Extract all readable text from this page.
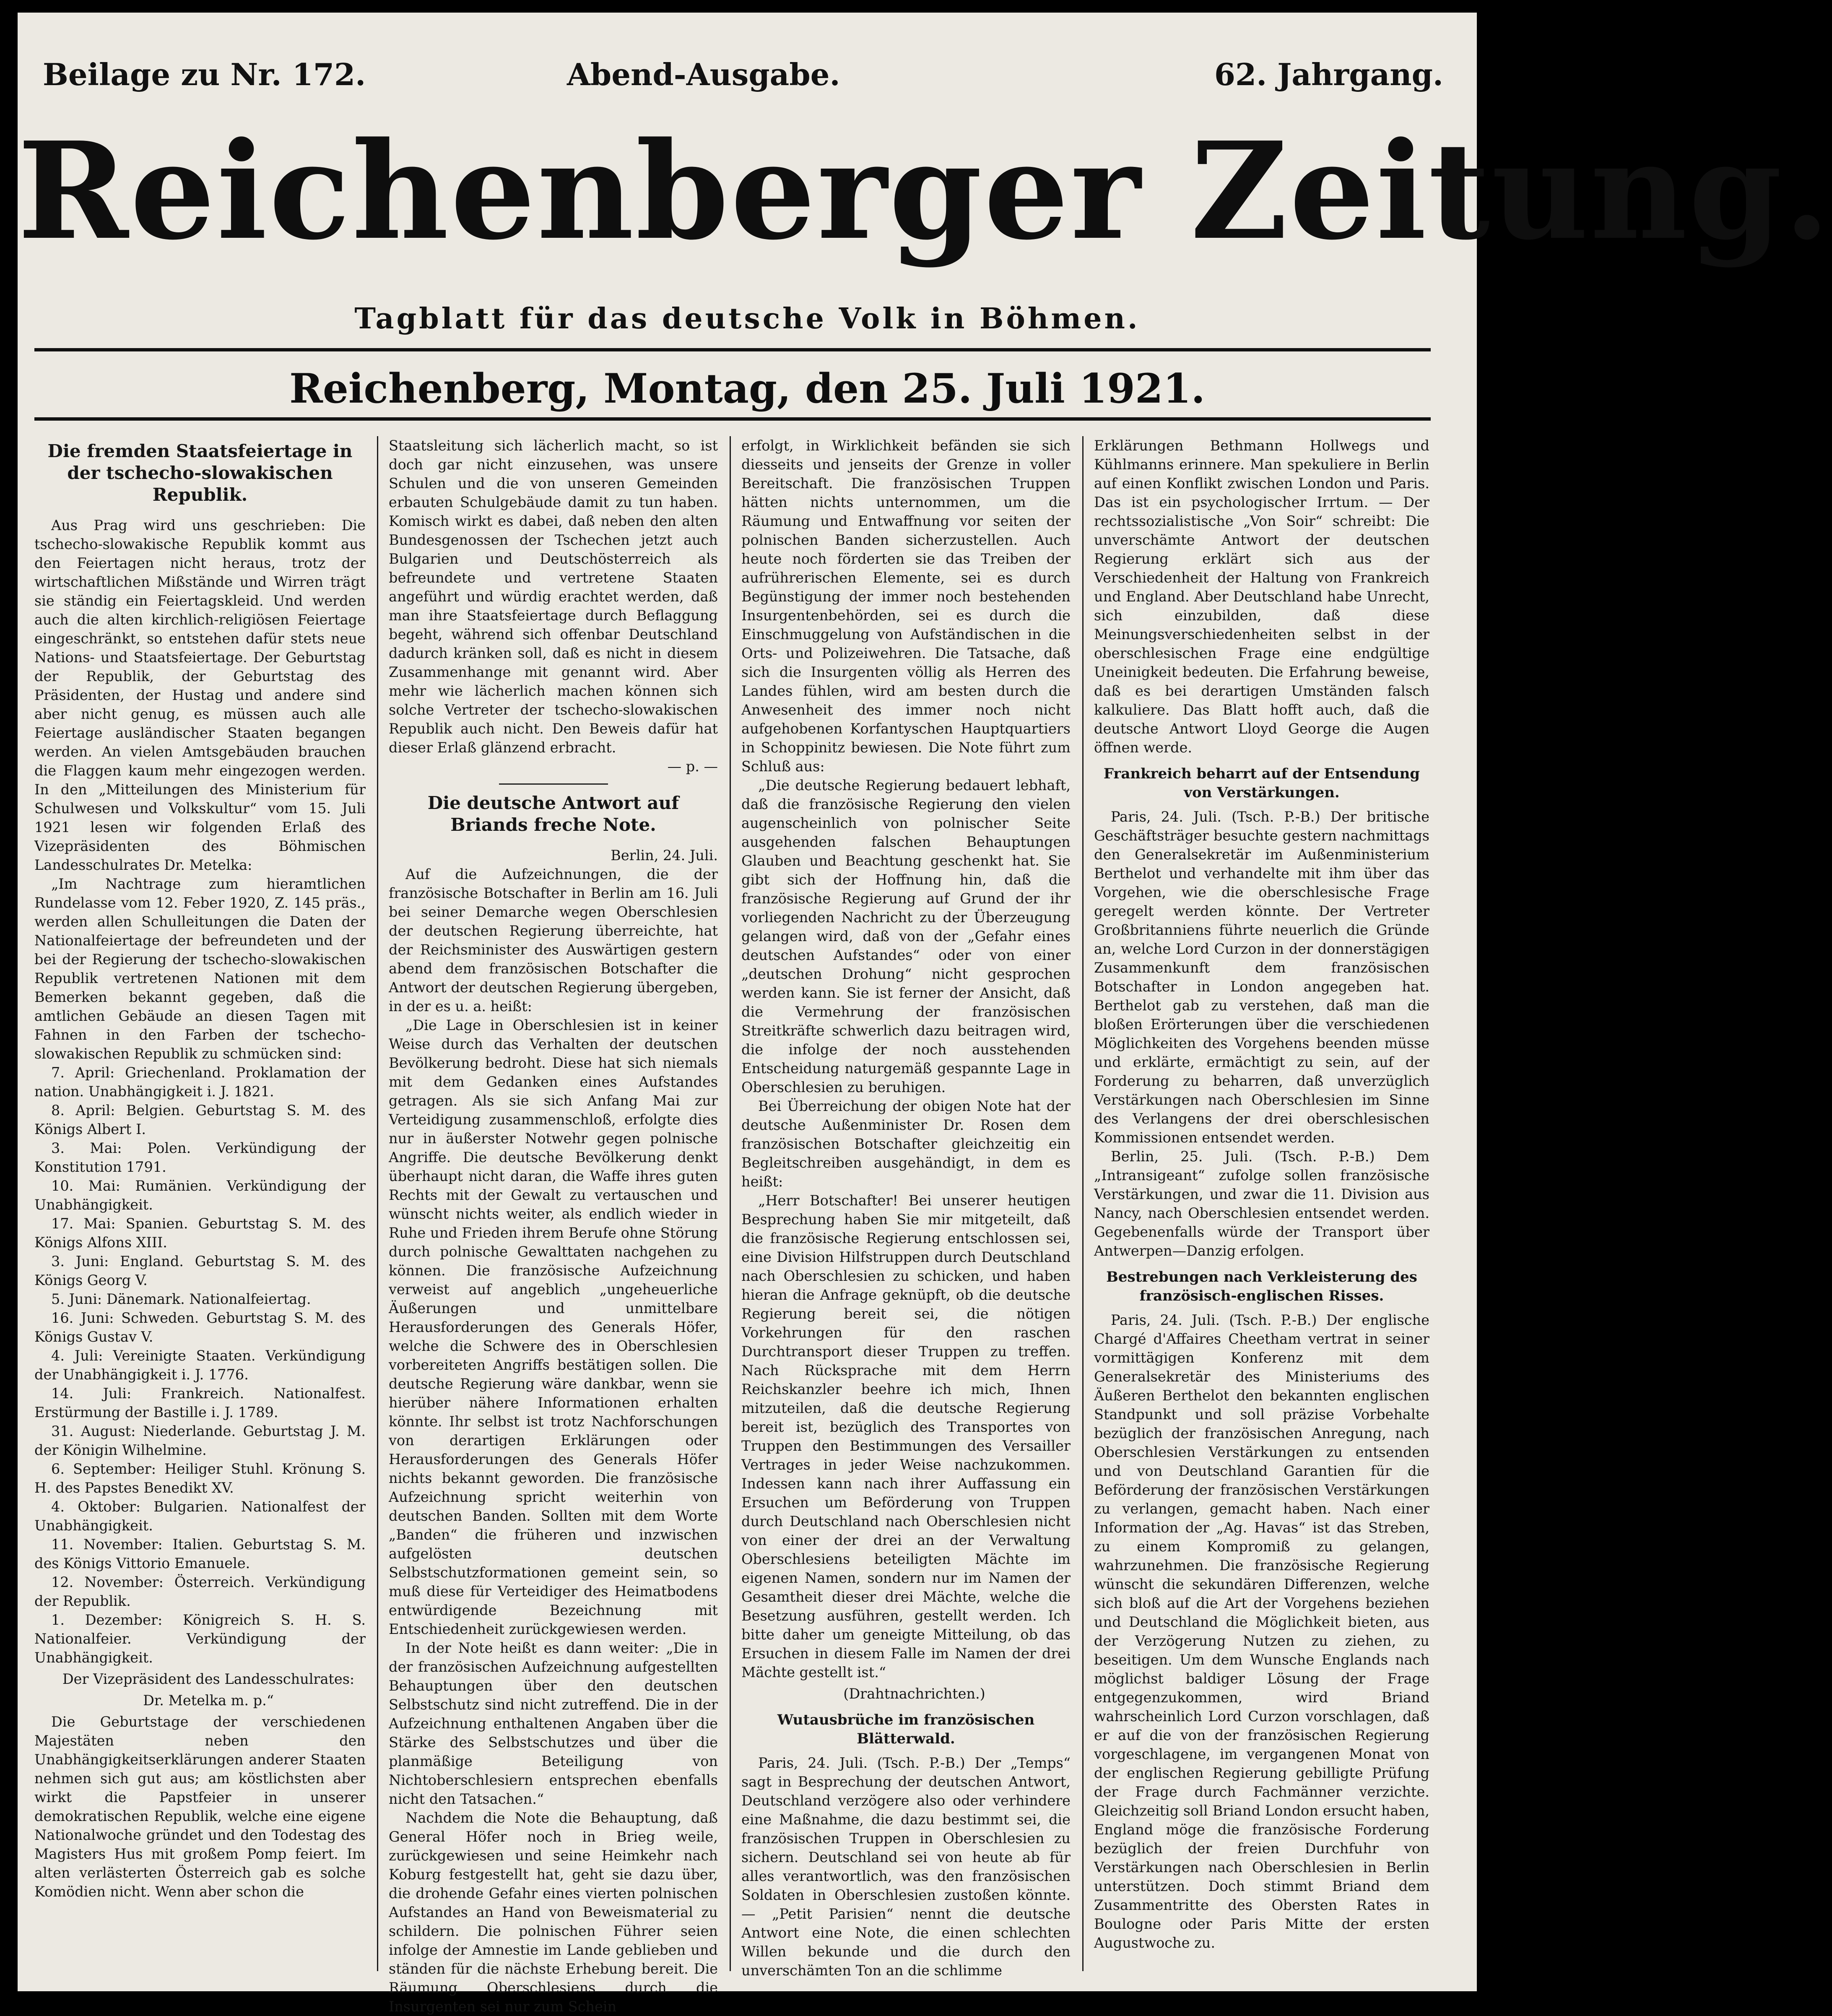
Beilage zu Nr. 172.	Abend-Ausgabe.	62. Jahrgang.
Reichenberger Zeitung.
Tagblatt für das deutsche Volk in Böhmen.
Reichenberg, Montag, den 25. Juli 1921.
Die fremden Staatsfeiertage in der tschecho-slowakischen Republik.

Aus Prag wird uns geschrieben: Die tschecho-slowakische Republik kommt aus den Feiertagen nicht heraus, trotz der wirtschaftlichen Mißstände und Wirren trägt sie ständig ein Feiertagskleid. Und werden auch die alten kirchlich-religiösen Feiertage eingeschränkt, so entstehen dafür stets neue Nations- und Staatsfeiertage. Der Geburtstag der Republik, der Geburtstag des Präsidenten, der Hustag und andere sind aber nicht genug, es müssen auch alle Feiertage ausländischer Staaten begangen werden. An vielen Amtsgebäuden brauchen die Flaggen kaum mehr eingezogen werden. In den „Mitteilungen des Ministerium für Schulwesen und Volkskultur“ vom 15. Juli 1921 lesen wir folgenden Erlaß des Vizepräsidenten des Böhmischen Landesschulrates Dr. Metelka:

„Im Nachtrage zum hieramtlichen Rundelasse vom 12. Feber 1920, Z. 145 präs., werden allen Schulleitungen die Daten der Nationalfeiertage der befreundeten und der bei der Regierung der tschecho-slowakischen Republik vertretenen Nationen mit dem Bemerken bekannt gegeben, daß die amtlichen Gebäude an diesen Tagen mit Fahnen in den Farben der tschecho-slowakischen Republik zu schmücken sind:

7. April: Griechenland. Proklamation der nation. Unabhängigkeit i. J. 1821.

8. April: Belgien. Geburtstag S. M. des Königs Albert I.

3. Mai: Polen. Verkündigung der Konstitution 1791.

10. Mai: Rumänien. Verkündigung der Unabhängigkeit.

17. Mai: Spanien. Geburtstag S. M. des Königs Alfons XIII.

3. Juni: England. Geburtstag S. M. des Königs Georg V.

5. Juni: Dänemark. Nationalfeiertag.

16. Juni: Schweden. Geburtstag S. M. des Königs Gustav V.

4. Juli: Vereinigte Staaten. Verkündigung der Unabhängigkeit i. J. 1776.

14. Juli: Frankreich. Nationalfest. Erstürmung der Bastille i. J. 1789.

31. August: Niederlande. Geburtstag J. M. der Königin Wilhelmine.

6. September: Heiliger Stuhl. Krönung S. H. des Papstes Benedikt XV.

4. Oktober: Bulgarien. Nationalfest der Unabhängigkeit.

11. November: Italien. Geburtstag S. M. des Königs Vittorio Emanuele.

12. November: Österreich. Verkündigung der Republik.

1. Dezember: Königreich S. H. S. Nationalfeier. Verkündigung der Unabhängigkeit.

Der Vizepräsident des Landesschulrates:

Dr. Metelka m. p.“

Die Geburtstage der verschiedenen Majestäten neben den Unabhängigkeitserklärungen anderer Staaten nehmen sich gut aus; am köstlichsten aber wirkt die Papstfeier in unserer demokratischen Republik, welche eine eigene Nationalwoche gründet und den Todestag des Magisters Hus mit großem Pomp feiert. Im alten verlästerten Österreich gab es solche Komödien nicht. Wenn aber schon die

Staatsleitung sich lächerlich macht, so ist doch gar nicht einzusehen, was unsere Schulen und die von unseren Gemeinden erbauten Schulgebäude damit zu tun haben. Komisch wirkt es dabei, daß neben den alten Bundesgenossen der Tschechen jetzt auch Bulgarien und Deutschösterreich als befreundete und vertretene Staaten angeführt und würdig erachtet werden, daß man ihre Staatsfeiertage durch Beflaggung begeht, während sich offenbar Deutschland dadurch kränken soll, daß es nicht in diesem Zusammenhange mit genannt wird. Aber mehr wie lächerlich machen können sich solche Vertreter der tschecho-slowakischen Republik auch nicht. Den Beweis dafür hat dieser Erlaß glänzend erbracht.

— p. —

Die deutsche Antwort auf Briands freche Note.

Berlin, 24. Juli.

Auf die Aufzeichnungen, die der französische Botschafter in Berlin am 16. Juli bei seiner Demarche wegen Oberschlesien der deutschen Regierung überreichte, hat der Reichsminister des Auswärtigen gestern abend dem französischen Botschafter die Antwort der deutschen Regierung übergeben, in der es u. a. heißt:

„Die Lage in Oberschlesien ist in keiner Weise durch das Verhalten der deutschen Bevölkerung bedroht. Diese hat sich niemals mit dem Gedanken eines Aufstandes getragen. Als sie sich Anfang Mai zur Verteidigung zusammenschloß, erfolgte dies nur in äußerster Notwehr gegen polnische Angriffe. Die deutsche Bevölkerung denkt überhaupt nicht daran, die Waffe ihres guten Rechts mit der Gewalt zu vertauschen und wünscht nichts weiter, als endlich wieder in Ruhe und Frieden ihrem Berufe ohne Störung durch polnische Gewalttaten nachgehen zu können. Die französische Aufzeichnung verweist auf angeblich „ungeheuerliche Äußerungen und unmittelbare Herausforderungen des Generals Höfer, welche die Schwere des in Oberschlesien vorbereiteten Angriffs bestätigen sollen. Die deutsche Regierung wäre dankbar, wenn sie hierüber nähere Informationen erhalten könnte. Ihr selbst ist trotz Nachforschungen von derartigen Erklärungen oder Herausforderungen des Generals Höfer nichts bekannt geworden. Die französische Aufzeichnung spricht weiterhin von deutschen Banden. Sollten mit dem Worte „Banden“ die früheren und inzwischen aufgelösten deutschen Selbstschutzformationen gemeint sein, so muß diese für Verteidiger des Heimatbodens entwürdigende Bezeichnung mit Entschiedenheit zurückgewiesen werden.

In der Note heißt es dann weiter: „Die in der französischen Aufzeichnung aufgestellten Behauptungen über den deutschen Selbstschutz sind nicht zutreffend. Die in der Aufzeichnung enthaltenen Angaben über die Stärke des Selbstschutzes und über die planmäßige Beteiligung von Nichtoberschlesiern entsprechen ebenfalls nicht den Tatsachen.“

Nachdem die Note die Behauptung, daß General Höfer noch in Brieg weile, zurückgewiesen und seine Heimkehr nach Koburg festgestellt hat, geht sie dazu über, die drohende Gefahr eines vierten polnischen Aufstandes an Hand von Beweismaterial zu schildern. Die polnischen Führer seien infolge der Amnestie im Lande geblieben und ständen für die nächste Erhebung bereit. Die Räumung Oberschlesiens durch die Insurgenten sei nur zum Schein

erfolgt, in Wirklichkeit befänden sie sich diesseits und jenseits der Grenze in voller Bereitschaft. Die französischen Truppen hätten nichts unternommen, um die Räumung und Entwaffnung vor seiten der polnischen Banden sicherzustellen. Auch heute noch förderten sie das Treiben der aufrührerischen Elemente, sei es durch Begünstigung der immer noch bestehenden Insurgentenbehörden, sei es durch die Einschmuggelung von Aufständischen in die Orts- und Polizeiwehren. Die Tatsache, daß sich die Insurgenten völlig als Herren des Landes fühlen, wird am besten durch die Anwesenheit des immer noch nicht aufgehobenen Korfantyschen Hauptquartiers in Schoppinitz bewiesen. Die Note führt zum Schluß aus:

„Die deutsche Regierung bedauert lebhaft, daß die französische Regierung den vielen augenscheinlich von polnischer Seite ausgehenden falschen Behauptungen Glauben und Beachtung geschenkt hat. Sie gibt sich der Hoffnung hin, daß die französische Regierung auf Grund der ihr vorliegenden Nachricht zu der Überzeugung gelangen wird, daß von der „Gefahr eines deutschen Aufstandes“ oder von einer „deutschen Drohung“ nicht gesprochen werden kann. Sie ist ferner der Ansicht, daß die Vermehrung der französischen Streitkräfte schwerlich dazu beitragen wird, die infolge der noch ausstehenden Entscheidung naturgemäß gespannte Lage in Oberschlesien zu beruhigen.

Bei Überreichung der obigen Note hat der deutsche Außenminister Dr. Rosen dem französischen Botschafter gleichzeitig ein Begleitschreiben ausgehändigt, in dem es heißt:

„Herr Botschafter! Bei unserer heutigen Besprechung haben Sie mir mitgeteilt, daß die französische Regierung entschlossen sei, eine Division Hilfstruppen durch Deutschland nach Oberschlesien zu schicken, und haben hieran die Anfrage geknüpft, ob die deutsche Regierung bereit sei, die nötigen Vorkehrungen für den raschen Durchtransport dieser Truppen zu treffen. Nach Rücksprache mit dem Herrn Reichskanzler beehre ich mich, Ihnen mitzuteilen, daß die deutsche Regierung bereit ist, bezüglich des Transportes von Truppen den Bestimmungen des Versailler Vertrages in jeder Weise nachzukommen. Indessen kann nach ihrer Auffassung ein Ersuchen um Beförderung von Truppen durch Deutschland nach Oberschlesien nicht von einer der drei an der Verwaltung Oberschlesiens beteiligten Mächte im eigenen Namen, sondern nur im Namen der Gesamtheit dieser drei Mächte, welche die Besetzung ausführen, gestellt werden. Ich bitte daher um geneigte Mitteilung, ob das Ersuchen in diesem Falle im Namen der drei Mächte gestellt ist.“

(Drahtnachrichten.)

Wutausbrüche im französischen Blätterwald.

Paris, 24. Juli. (Tsch. P.-B.) Der „Temps“ sagt in Besprechung der deutschen Antwort, Deutschland verzögere also oder verhindere eine Maßnahme, die dazu bestimmt sei, die französischen Truppen in Oberschlesien zu sichern. Deutschland sei von heute ab für alles verantwortlich, was den französischen Soldaten in Oberschlesien zustoßen könnte. — „Petit Parisien“ nennt die deutsche Antwort eine Note, die einen schlechten Willen bekunde und die durch den unverschämten Ton an die schlimme

Erklärungen Bethmann Hollwegs und Kühlmanns erinnere. Man spekuliere in Berlin auf einen Konflikt zwischen London und Paris. Das ist ein psychologischer Irrtum. — Der rechtssozialistische „Von Soir“ schreibt: Die unverschämte Antwort der deutschen Regierung erklärt sich aus der Verschiedenheit der Haltung von Frankreich und England. Aber Deutschland habe Unrecht, sich einzubilden, daß diese Meinungsverschiedenheiten selbst in der oberschlesischen Frage eine endgültige Uneinigkeit bedeuten. Die Erfahrung beweise, daß es bei derartigen Umständen falsch kalkuliere. Das Blatt hofft auch, daß die deutsche Antwort Lloyd George die Augen öffnen werde.

Frankreich beharrt auf der Entsendung von Verstärkungen.

Paris, 24. Juli. (Tsch. P.-B.) Der britische Geschäftsträger besuchte gestern nachmittags den Generalsekretär im Außenministerium Berthelot und verhandelte mit ihm über das Vorgehen, wie die oberschlesische Frage geregelt werden könnte. Der Vertreter Großbritanniens führte neuerlich die Gründe an, welche Lord Curzon in der donnerstägigen Zusammenkunft dem französischen Botschafter in London angegeben hat. Berthelot gab zu verstehen, daß man die bloßen Erörterungen über die verschiedenen Möglichkeiten des Vorgehens beenden müsse und erklärte, ermächtigt zu sein, auf der Forderung zu beharren, daß unverzüglich Verstärkungen nach Oberschlesien im Sinne des Verlangens der drei oberschlesischen Kommissionen entsendet werden.

Berlin, 25. Juli. (Tsch. P.-B.) Dem „Intransigeant“ zufolge sollen französische Verstärkungen, und zwar die 11. Division aus Nancy, nach Oberschlesien entsendet werden. Gegebenenfalls würde der Transport über Antwerpen—Danzig erfolgen.

Bestrebungen nach Verkleisterung des französisch-englischen Risses.

Paris, 24. Juli. (Tsch. P.-B.) Der englische Chargé d'Affaires Cheetham vertrat in seiner vormittägigen Konferenz mit dem Generalsekretär des Ministeriums des Äußeren Berthelot den bekannten englischen Standpunkt und soll präzise Vorbehalte bezüglich der französischen Anregung, nach Oberschlesien Verstärkungen zu entsenden und von Deutschland Garantien für die Beförderung der französischen Verstärkungen zu verlangen, gemacht haben. Nach einer Information der „Ag. Havas“ ist das Streben, zu einem Kompromiß zu gelangen, wahrzunehmen. Die französische Regierung wünscht die sekundären Differenzen, welche sich bloß auf die Art der Vorgehens beziehen und Deutschland die Möglichkeit bieten, aus der Verzögerung Nutzen zu ziehen, zu beseitigen. Um dem Wunsche Englands nach möglichst baldiger Lösung der Frage entgegenzukommen, wird Briand wahrscheinlich Lord Curzon vorschlagen, daß er auf die von der französischen Regierung vorgeschlagene, im vergangenen Monat von der englischen Regierung gebilligte Prüfung der Frage durch Fachmänner verzichte. Gleichzeitig soll Briand London ersucht haben, England möge die französische Forderung bezüglich der freien Durchfuhr von Verstärkungen nach Oberschlesien in Berlin unterstützen. Doch stimmt Briand dem Zusammentritte des Obersten Rates in Boulogne oder Paris Mitte der ersten Augustwoche zu.
